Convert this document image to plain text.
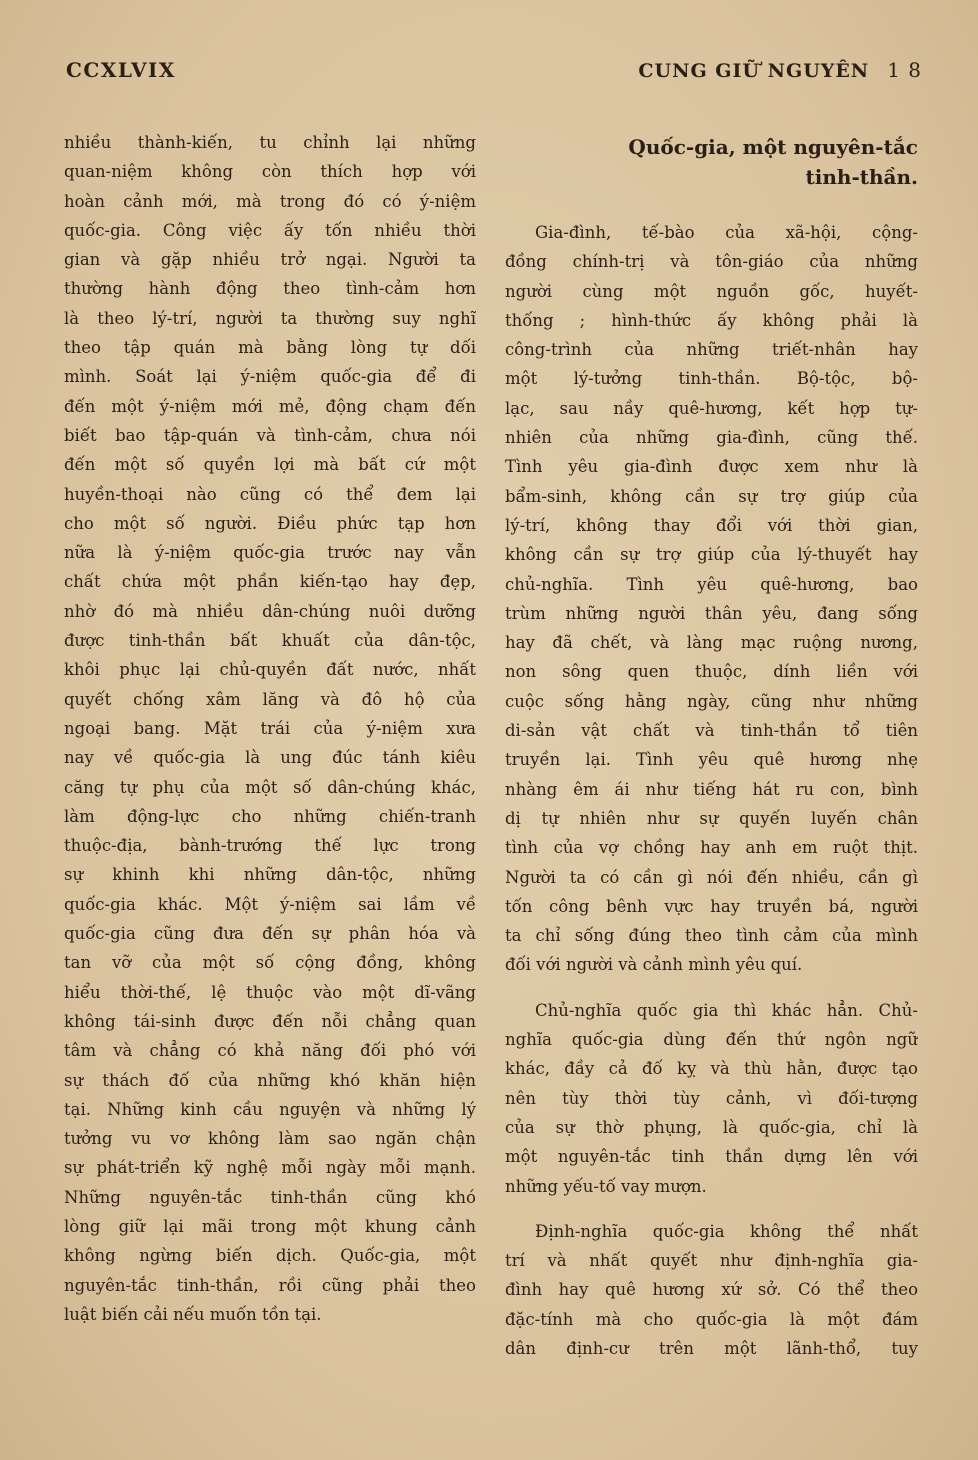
CCXLVIX	CUNG GIỮ NGUYÊN 1 8
nhiều thành-kiến, tu chỉnh lại những
quan-niệm không còn thích hợp với
hoàn cảnh mới, mà trong đó có ý-niệm
quốc-gia. Công việc ấy tốn nhiều thời
gian và gặp nhiều trở ngại. Người ta
thường hành động theo tình-cảm hơn
là theo lý-trí, người ta thường suy nghĩ
theo tập quán mà bằng lòng tự dối
mình. Soát lại ý-niệm quốc-gia để đi
đến một ý-niệm mới mẻ, động chạm đến
biết bao tập-quán và tình-cảm, chưa nói
đến một số quyền lợi mà bất cứ một
huyền-thoại nào cũng có thể đem lại
cho một số người. Điều phức tạp hơn
nữa là ý-niệm quốc-gia trước nay vẫn
chất chứa một phần kiến-tạo hay đẹp,
nhờ đó mà nhiều dân-chúng nuôi dưỡng
được tinh-thần bất khuất của dân-tộc,
khôi phục lại chủ-quyền đất nước, nhất
quyết chống xâm lăng và đô hộ của
ngoại bang. Mặt trái của ý-niệm xưa
nay về quốc-gia là ung đúc tánh kiêu
căng tự phụ của một số dân-chúng khác,
làm động-lực cho những chiến-tranh
thuộc-địa, bành-trướng thế lực trong
sự khinh khi những dân-tộc, những
quốc-gia khác. Một ý-niệm sai lầm về
quốc-gia cũng đưa đến sự phân hóa và
tan vỡ của một số cộng đồng, không
hiểu thời-thế, lệ thuộc vào một dĩ-vãng
không tái-sinh được đến nỗi chẳng quan
tâm và chẳng có khả năng đối phó với
sự thách đố của những khó khăn hiện
tại. Những kinh cầu nguyện và những lý
tưởng vu vơ không làm sao ngăn chận
sự phát-triển kỹ nghệ mỗi ngày mỗi mạnh.
Những nguyên-tắc tinh-thần cũng khó
lòng giữ lại mãi trong một khung cảnh
không ngừng biến dịch. Quốc-gia, một
nguyên-tắc tinh-thần, rồi cũng phải theo
luật biến cải nếu muốn tồn tại.
Quốc-gia, một nguyên-tắc
tinh-thần.
Gia-đình, tế-bào của xã-hội, cộng-
đồng chính-trị và tôn-giáo của những
người cùng một nguồn gốc, huyết-
thống ; hình-thức ấy không phải là
công-trình của những triết-nhân hay
một lý-tưởng tinh-thần. Bộ-tộc, bộ-
lạc, sau nầy quê-hương, kết hợp tự-
nhiên của những gia-đình, cũng thế.
Tình yêu gia-đình được xem như là
bẩm-sinh, không cần sự trợ giúp của
lý-trí, không thay đổi với thời gian,
không cần sự trợ giúp của lý-thuyết hay
chủ-nghĩa. Tình yêu quê-hương, bao
trùm những người thân yêu, đang sống
hay đã chết, và làng mạc ruộng nương,
non sông quen thuộc, dính liền với
cuộc sống hằng ngày, cũng như những
di-sản vật chất và tinh-thần tổ tiên
truyền lại. Tình yêu quê hương nhẹ
nhàng êm ái như tiếng hát ru con, bình
dị tự nhiên như sự quyến luyến chân
tình của vợ chồng hay anh em ruột thịt.
Người ta có cần gì nói đến nhiều, cần gì
tốn công bênh vực hay truyền bá, người
ta chỉ sống đúng theo tình cảm của mình
đối với người và cảnh mình yêu quí.
Chủ-nghĩa quốc gia thì khác hẳn. Chủ-
nghĩa quốc-gia dùng đến thứ ngôn ngữ
khác, đầy cả đố kỵ và thù hằn, được tạo
nên tùy thời tùy cảnh, vì đối-tượng
của sự thờ phụng, là quốc-gia, chỉ là
một nguyên-tắc tinh thần dựng lên với
những yếu-tố vay mượn.
Định-nghĩa quốc-gia không thể nhất
trí và nhất quyết như định-nghĩa gia-
đình hay quê hương xứ sở. Có thể theo
đặc-tính mà cho quốc-gia là một đám
dân định-cư trên một lãnh-thổ, tuy
